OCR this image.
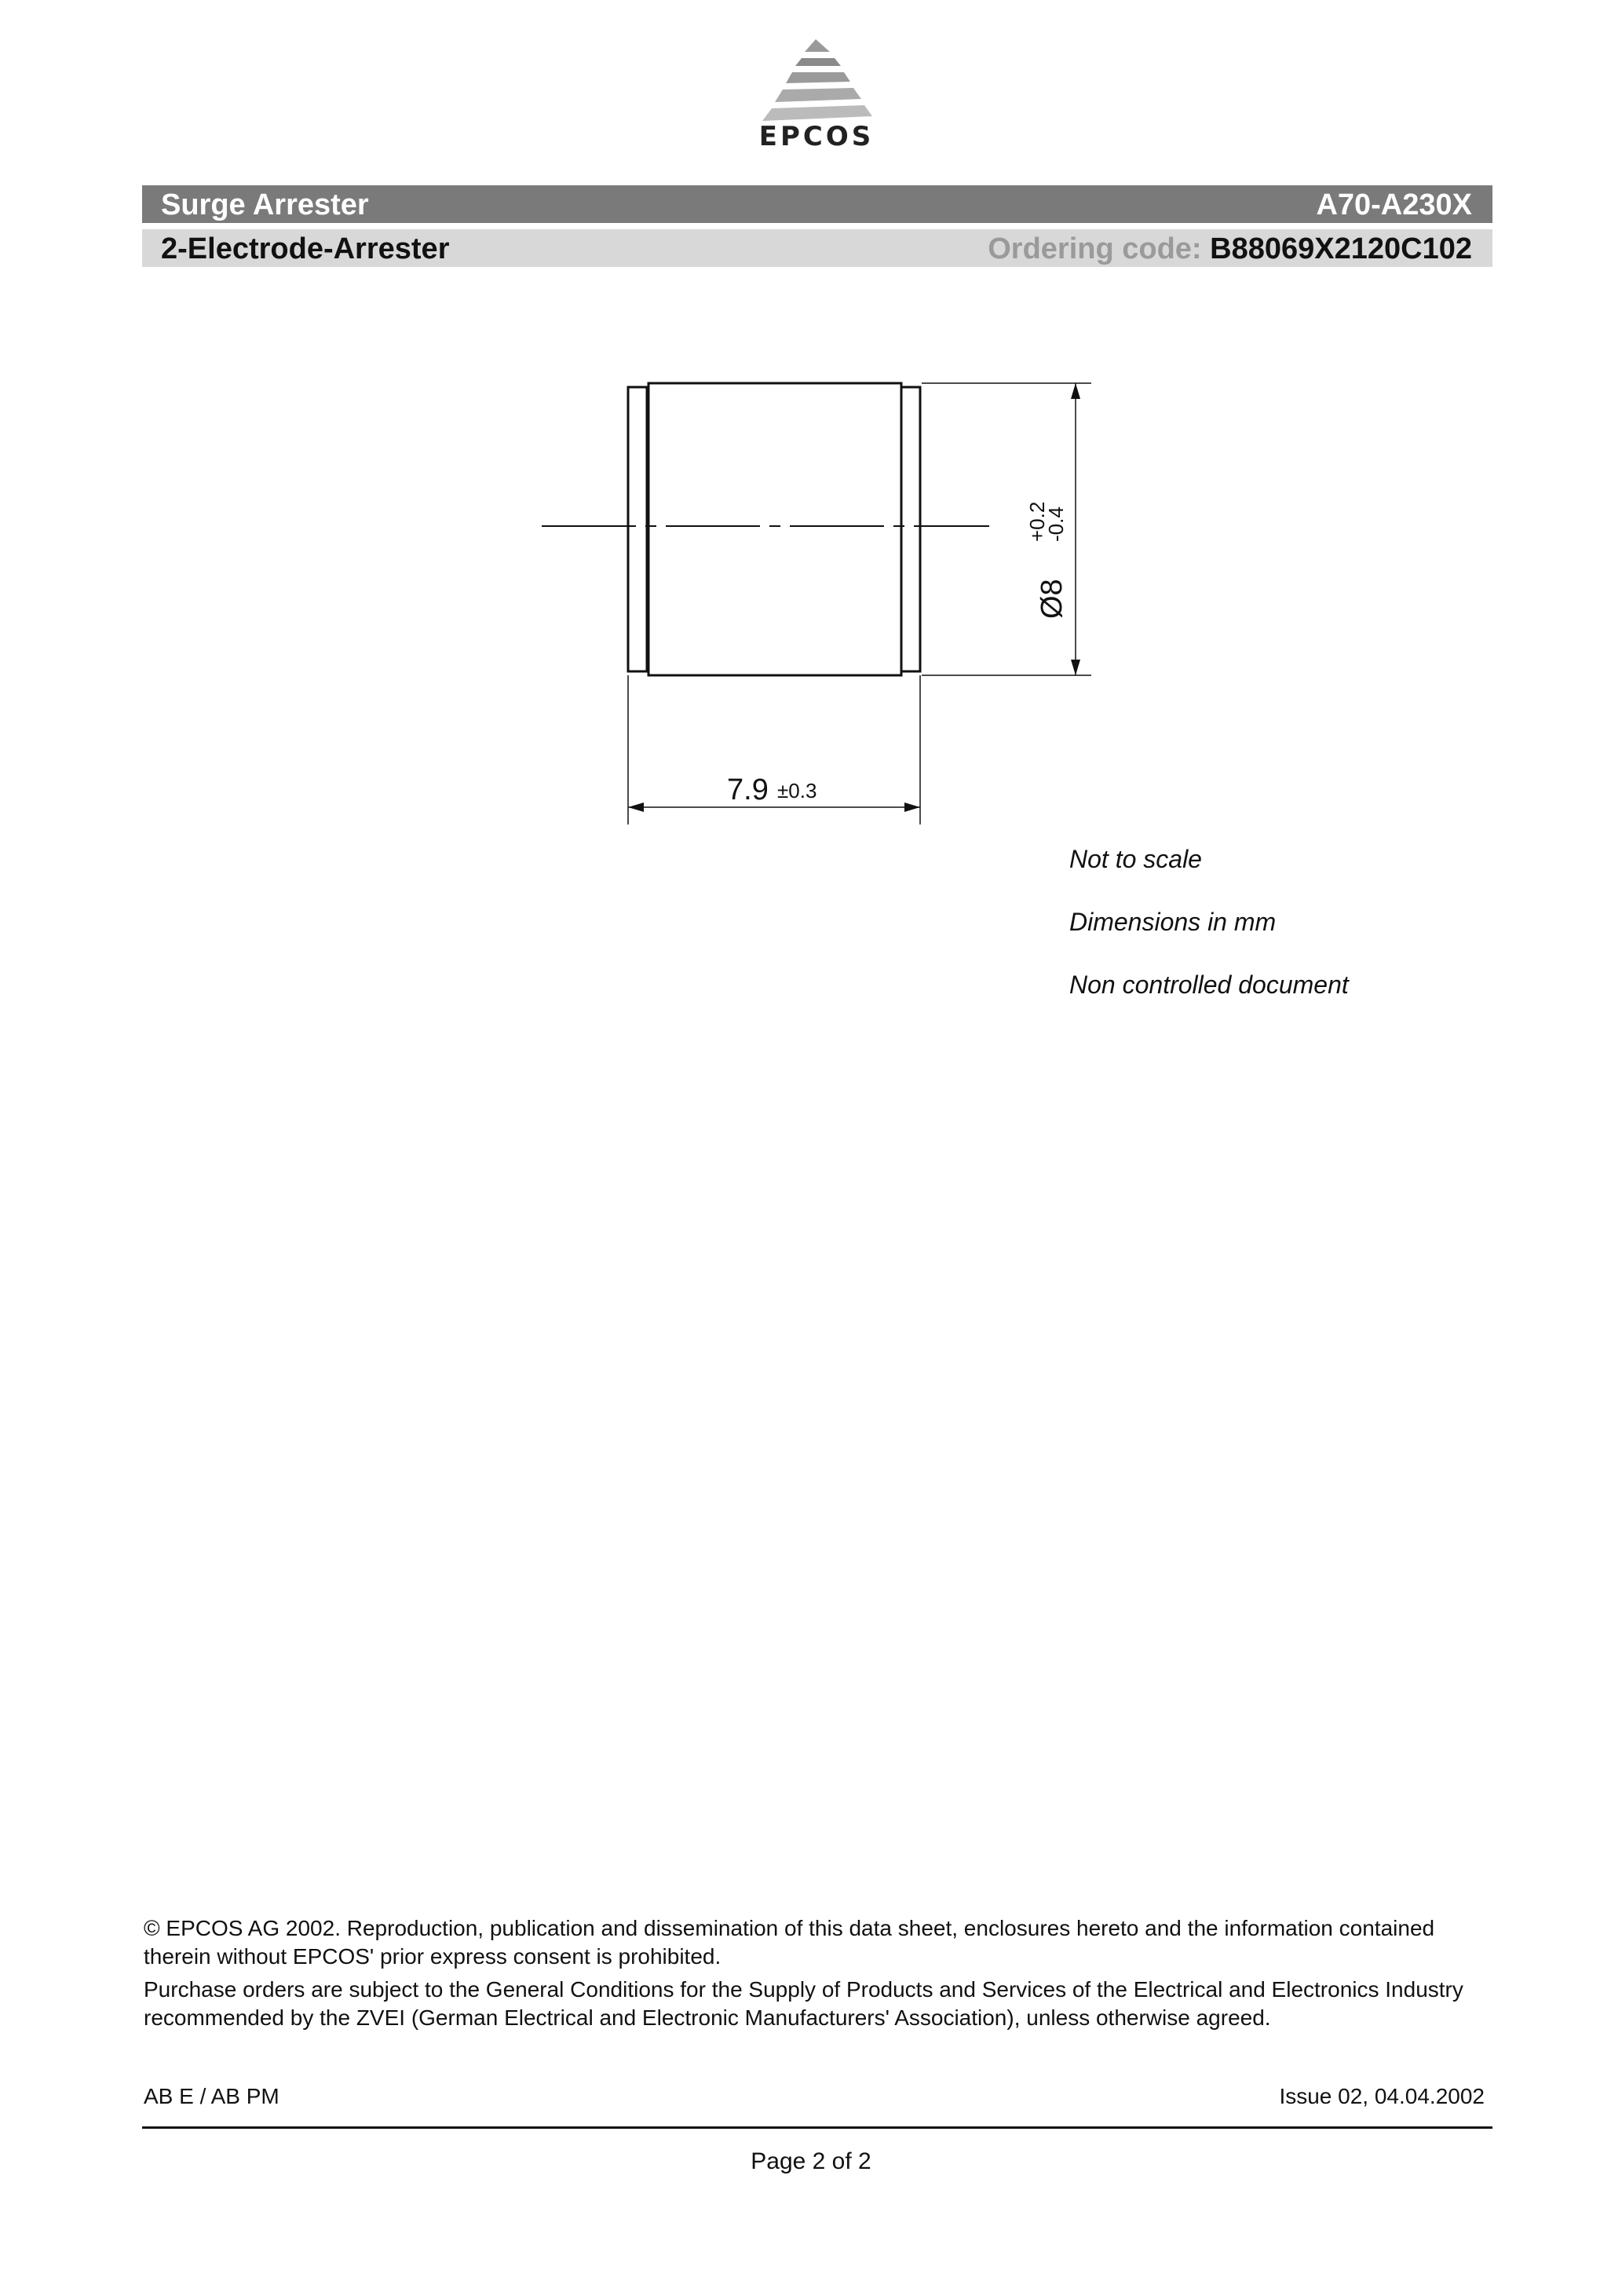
EPCOS
Surge Arrester	A70-A230X
2-Electrode-Arrester	Ordering code: B88069X2120C102
7.9 ±0.3
Ø8
+0.2
-0.4
Not to scale
Dimensions in mm
Non controlled document

© EPCOS AG 2002. Reproduction, publication and dissemination of this data sheet, enclosures hereto and the information contained therein without EPCOS' prior express consent is prohibited.

Purchase orders are subject to the General Conditions for the Supply of Products and Services of the Electrical and Electronics Industry recommended by the ZVEI (German Electrical and Electronic Manufacturers' Association), unless otherwise agreed.

AB E / AB PM	Issue 02, 04.04.2002
Page 2 of 2
